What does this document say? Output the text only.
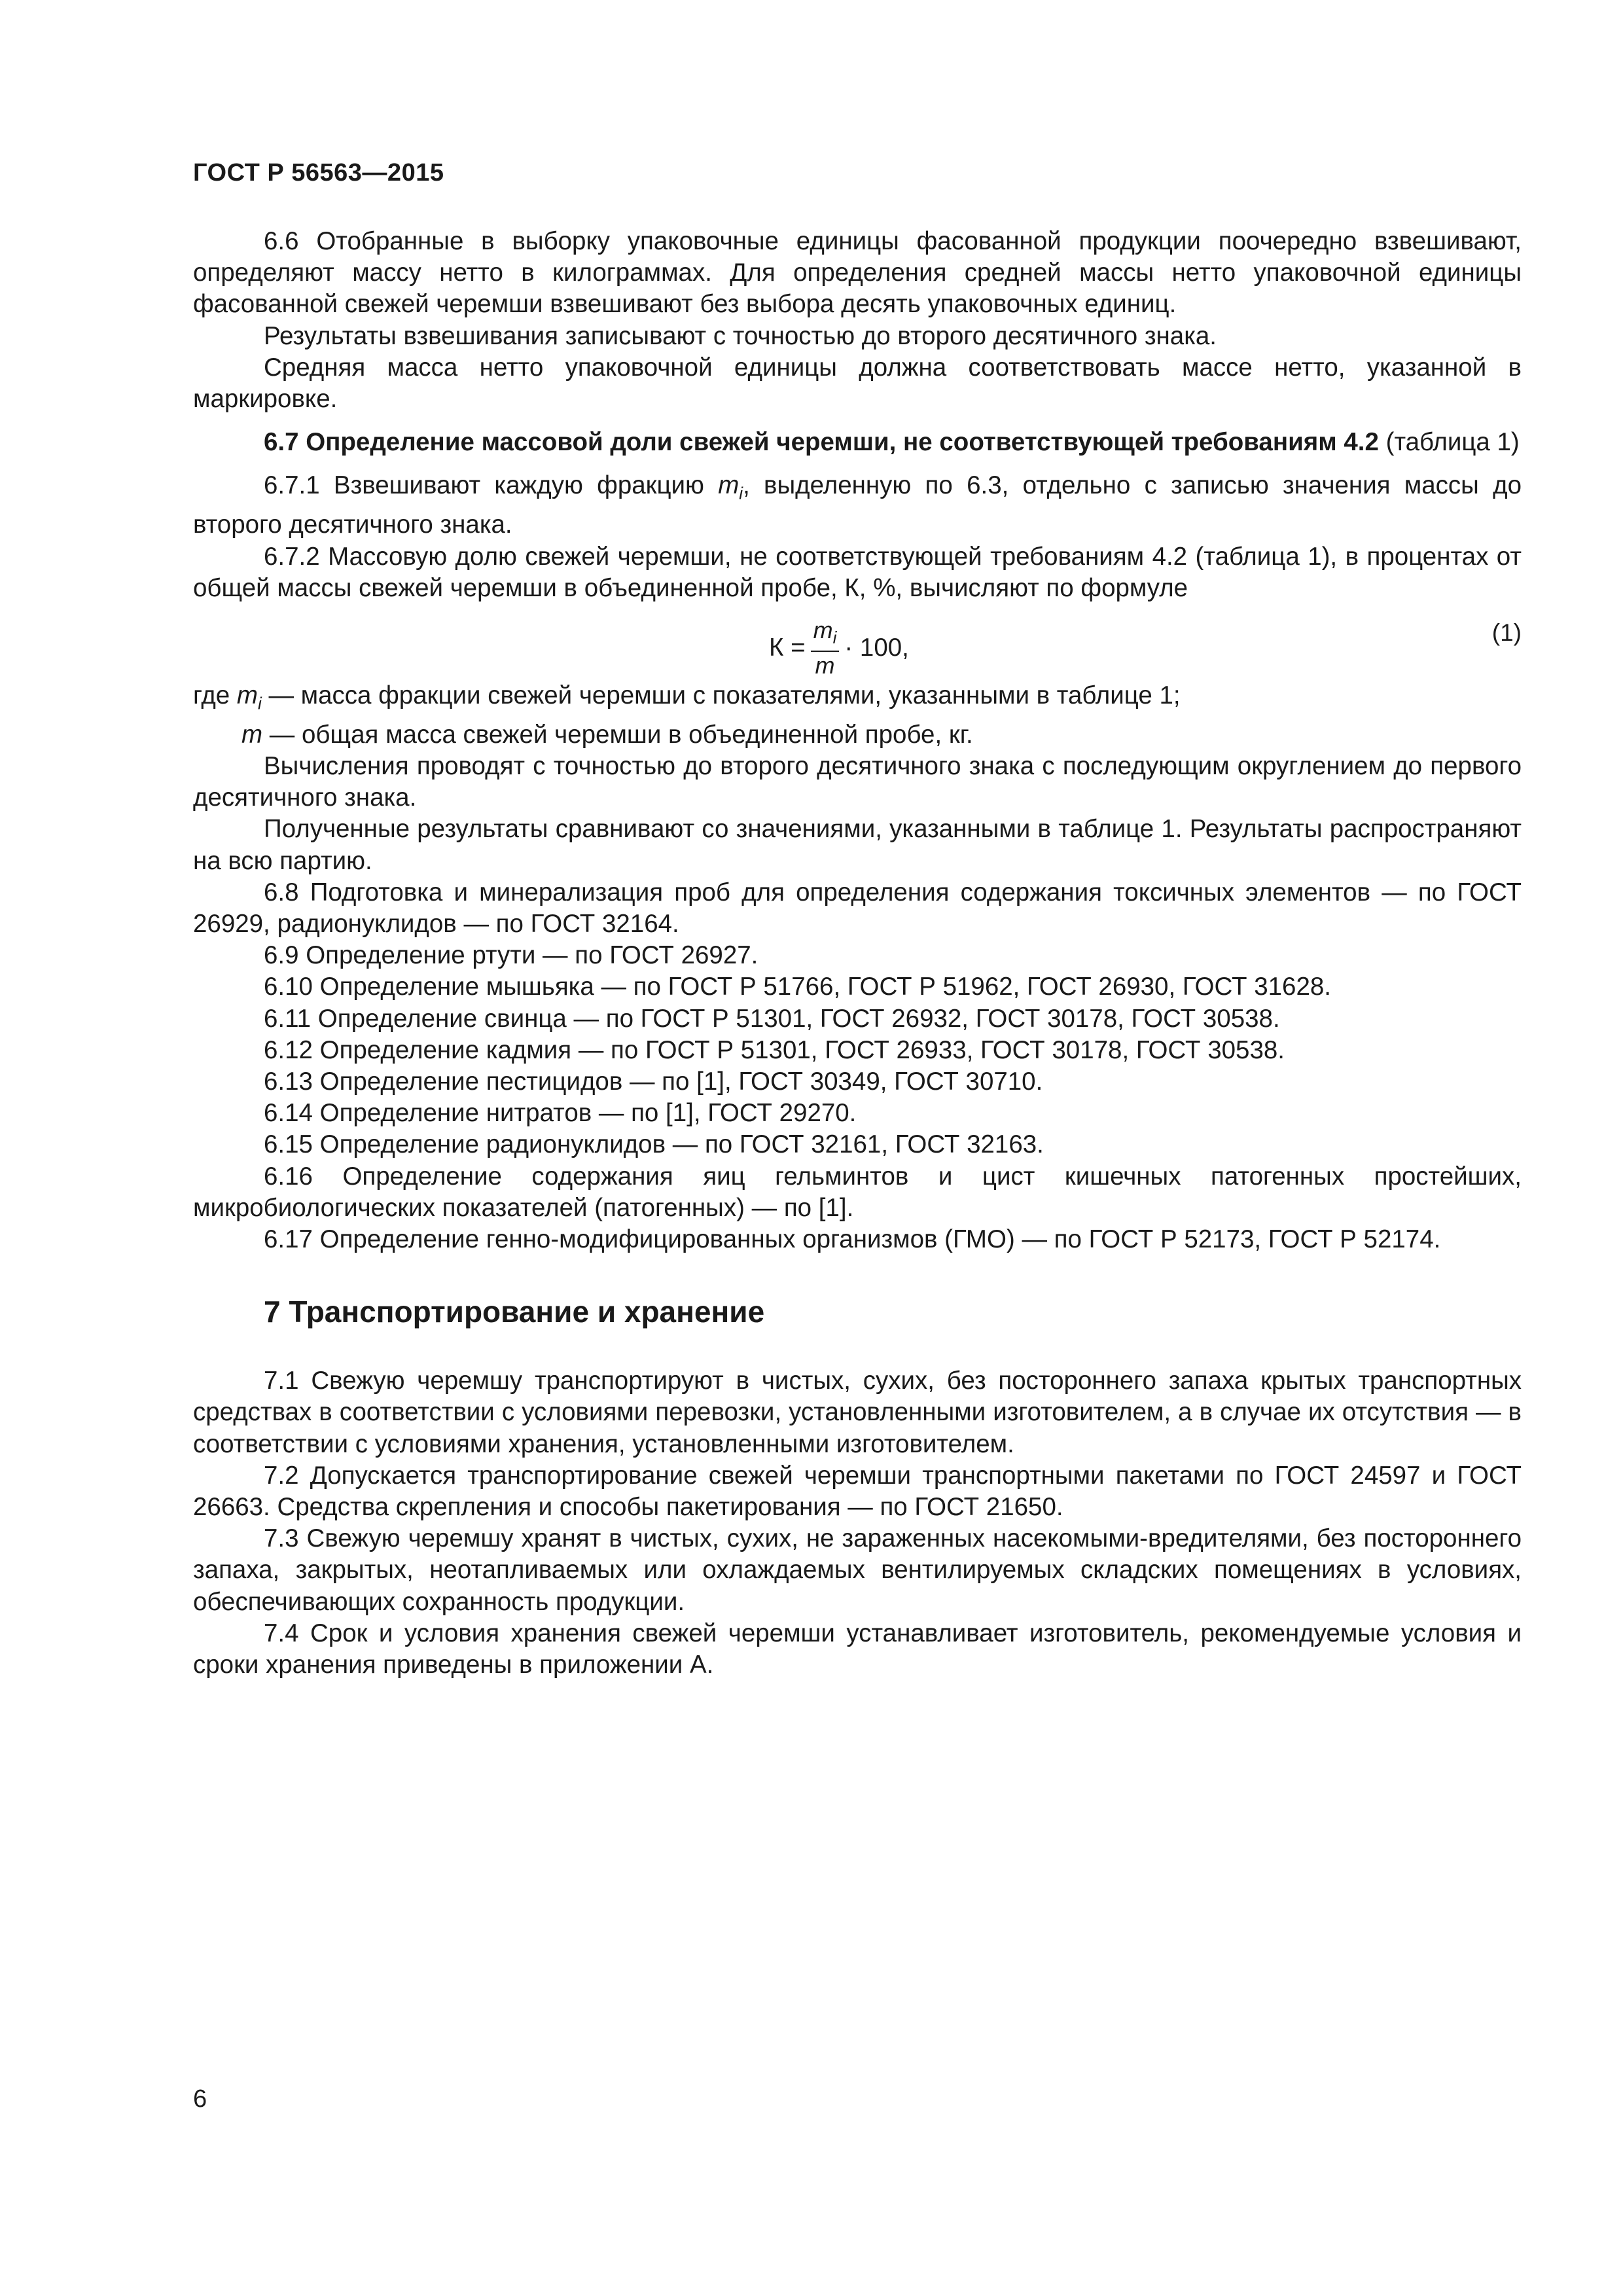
ГОСТ Р 56563—2015

6.6 Отобранные в выборку упаковочные единицы фасованной продукции поочередно взвешивают, определяют массу нетто в килограммах. Для определения средней массы нетто упаковочной единицы фасованной свежей черемши взвешивают без выбора десять упаковочных единиц.

Результаты взвешивания записывают с точностью до второго десятичного знака.

Средняя масса нетто упаковочной единицы должна соответствовать массе нетто, указанной в маркировке.

6.7 Определение массовой доли свежей черемши, не соответствующей требованиям 4.2 (таблица 1)

6.7.1 Взвешивают каждую фракцию $m_i$, выделенную по 6.3, отдельно с записью значения массы до второго десятичного знака.

6.7.2 Массовую долю свежей черемши, не соответствующей требованиям 4.2 (таблица 1), в процентах от общей массы свежей черемши в объединенной пробе, К, %, вычисляют по формуле

$К = \frac{m_i}{m} \cdot 100$,
(1)

где $m_i$ — масса фракции свежей черемши с показателями, указанными в таблице 1;

m — общая масса свежей черемши в объединенной пробе, кг.

Вычисления проводят с точностью до второго десятичного знака с последующим округлением до первого десятичного знака.

Полученные результаты сравнивают со значениями, указанными в таблице 1. Результаты распространяют на всю партию.

6.8 Подготовка и минерализация проб для определения содержания токсичных элементов — по ГОСТ 26929, радионуклидов — по ГОСТ 32164.

6.9 Определение ртути — по ГОСТ 26927.

6.10 Определение мышьяка — по ГОСТ Р 51766, ГОСТ Р 51962, ГОСТ 26930, ГОСТ 31628.

6.11 Определение свинца — по ГОСТ Р 51301, ГОСТ 26932, ГОСТ 30178, ГОСТ 30538.

6.12 Определение кадмия — по ГОСТ Р 51301, ГОСТ 26933, ГОСТ 30178, ГОСТ 30538.

6.13 Определение пестицидов — по [1], ГОСТ 30349, ГОСТ 30710.

6.14 Определение нитратов — по [1], ГОСТ 29270.

6.15 Определение радионуклидов — по ГОСТ 32161, ГОСТ 32163.

6.16 Определение содержания яиц гельминтов и цист кишечных патогенных простейших, микробиологических показателей (патогенных) — по [1].

6.17 Определение генно-модифицированных организмов (ГМО) — по ГОСТ Р 52173, ГОСТ Р 52174.

7 Транспортирование и хранение

7.1 Свежую черемшу транспортируют в чистых, сухих, без постороннего запаха крытых транспортных средствах в соответствии с условиями перевозки, установленными изготовителем, а в случае их отсутствия — в соответствии с условиями хранения, установленными изготовителем.

7.2 Допускается транспортирование свежей черемши транспортными пакетами по ГОСТ 24597 и ГОСТ 26663. Средства скрепления и способы пакетирования — по ГОСТ 21650.

7.3 Свежую черемшу хранят в чистых, сухих, не зараженных насекомыми-вредителями, без постороннего запаха, закрытых, неотапливаемых или охлаждаемых вентилируемых складских помещениях в условиях, обеспечивающих сохранность продукции.

7.4 Срок и условия хранения свежей черемши устанавливает изготовитель, рекомендуемые условия и сроки хранения приведены в приложении А.

6
